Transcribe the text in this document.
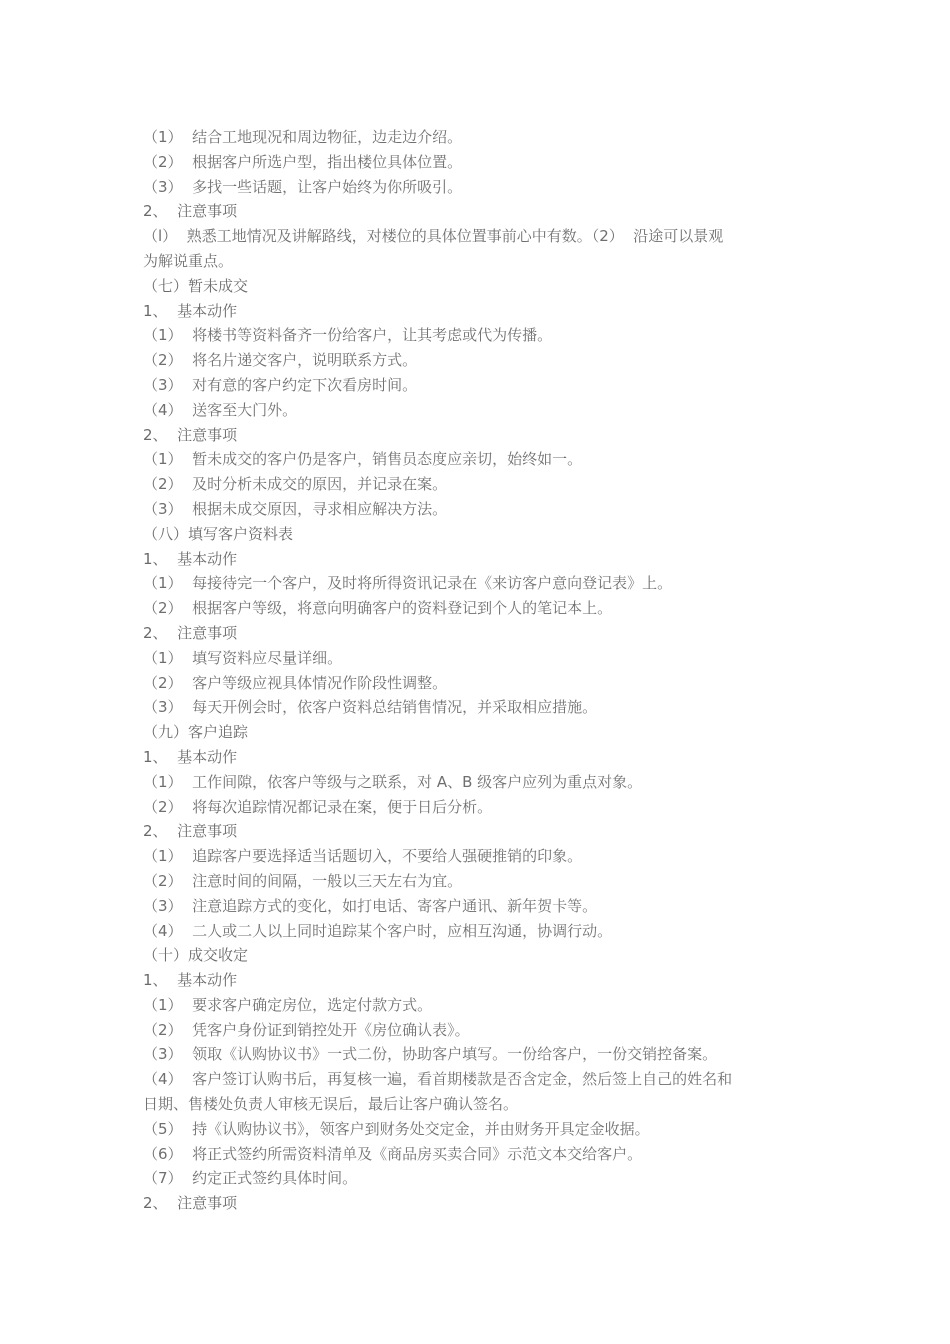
（1）  结合工地现况和周边物征，边走边介绍。

（2）  根据客户所选户型，指出楼位具体位置。

（3）  多找一些话题，让客户始终为你所吸引。

2、  注意事项

（l）  熟悉工地情况及讲解路线，对楼位的具体位置事前心中有数。（2）  沿途可以景观

为解说重点。

（七）暂未成交

1、  基本动作

（1）  将楼书等资料备齐一份给客户，让其考虑或代为传播。

（2）  将名片递交客户，说明联系方式。

（3）  对有意的客户约定下次看房时间。

（4）  送客至大门外。

2、  注意事项

（1）  暂未成交的客户仍是客户，销售员态度应亲切，始终如一。

（2）  及时分析未成交的原因，并记录在案。

（3）  根据未成交原因，寻求相应解决方法。

（八）填写客户资料表

1、  基本动作

（1）  每接待完一个客户，及时将所得资讯记录在《来访客户意向登记表》上。

（2）  根据客户等级，将意向明确客户的资料登记到个人的笔记本上。

2、  注意事项

（1）  填写资料应尽量详细。

（2）  客户等级应视具体情况作阶段性调整。

（3）  每天开例会时，依客户资料总结销售情况，并采取相应措施。

（九）客户追踪

1、  基本动作

（1）  工作间隙，依客户等级与之联系，对 A、B 级客户应列为重点对象。

（2）  将每次追踪情况都记录在案，便于日后分析。

2、  注意事项

（1）  追踪客户要选择适当话题切入，不要给人强硬推销的印象。

（2）  注意时间的间隔，一般以三天左右为宜。

（3）  注意追踪方式的变化，如打电话、寄客户通讯、新年贺卡等。

（4）  二人或二人以上同时追踪某个客户时，应相互沟通，协调行动。

（十）成交收定

1、  基本动作

（1）  要求客户确定房位，选定付款方式。

（2）  凭客户身份证到销控处开《房位确认表》。

（3）  领取《认购协议书》一式二份，协助客户填写。一份给客户，一份交销控备案。

（4）  客户签订认购书后，再复核一遍，看首期楼款是否含定金，然后签上自己的姓名和

日期、售楼处负责人审核无误后，最后让客户确认签名。

（5）  持《认购协议书》，领客户到财务处交定金，并由财务开具定金收据。

（6）  将正式签约所需资料清单及《商品房买卖合同》示范文本交给客户。

（7）  约定正式签约具体时间。

2、  注意事项
